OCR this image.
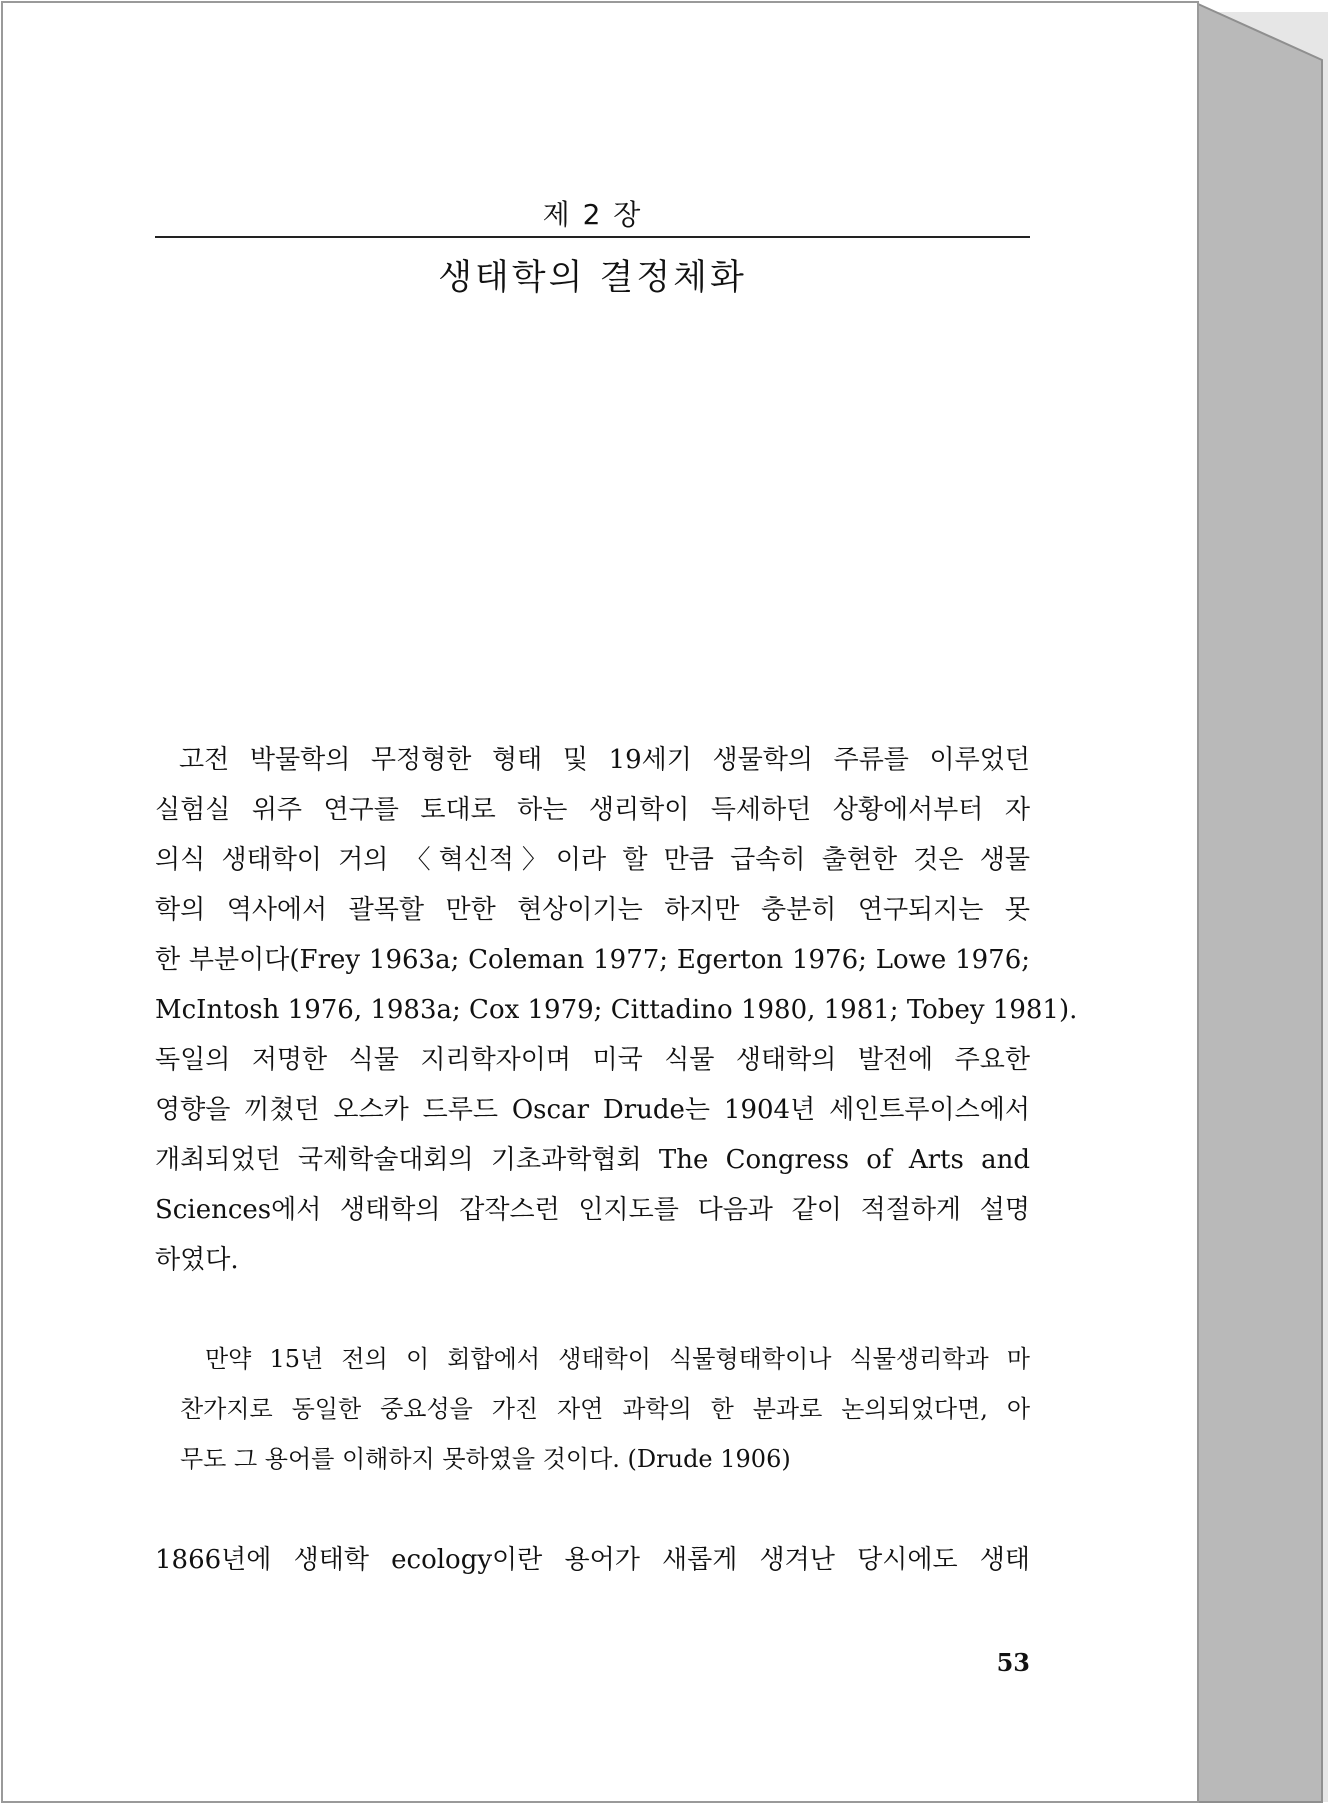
제 2 장
생태학의 결정체화
고전 박물학의 무정형한 형태 및 19세기 생물학의 주류를 이루었던
실험실 위주 연구를 토대로 하는 생리학이 득세하던 상황에서부터 자
의식 생태학이 거의 〈혁신적〉이라 할 만큼 급속히 출현한 것은 생물
학의 역사에서 괄목할 만한 현상이기는 하지만 충분히 연구되지는 못
한 부분이다(Frey 1963a; Coleman 1977; Egerton 1976; Lowe 1976;
McIntosh 1976, 1983a; Cox 1979; Cittadino 1980, 1981; Tobey 1981).
독일의 저명한 식물 지리학자이며 미국 식물 생태학의 발전에 주요한
영향을 끼쳤던 오스카 드루드 Oscar Drude는 1904년 세인트루이스에서
개최되었던 국제학술대회의 기초과학협회 The Congress of Arts and
Sciences에서 생태학의 갑작스런 인지도를 다음과 같이 적절하게 설명
하였다.
만약 15년 전의 이 회합에서 생태학이 식물형태학이나 식물생리학과 마
찬가지로 동일한 중요성을 가진 자연 과학의 한 분과로 논의되었다면, 아
무도 그 용어를 이해하지 못하였을 것이다. (Drude 1906)
1866년에 생태학 ecology이란 용어가 새롭게 생겨난 당시에도 생태
53
